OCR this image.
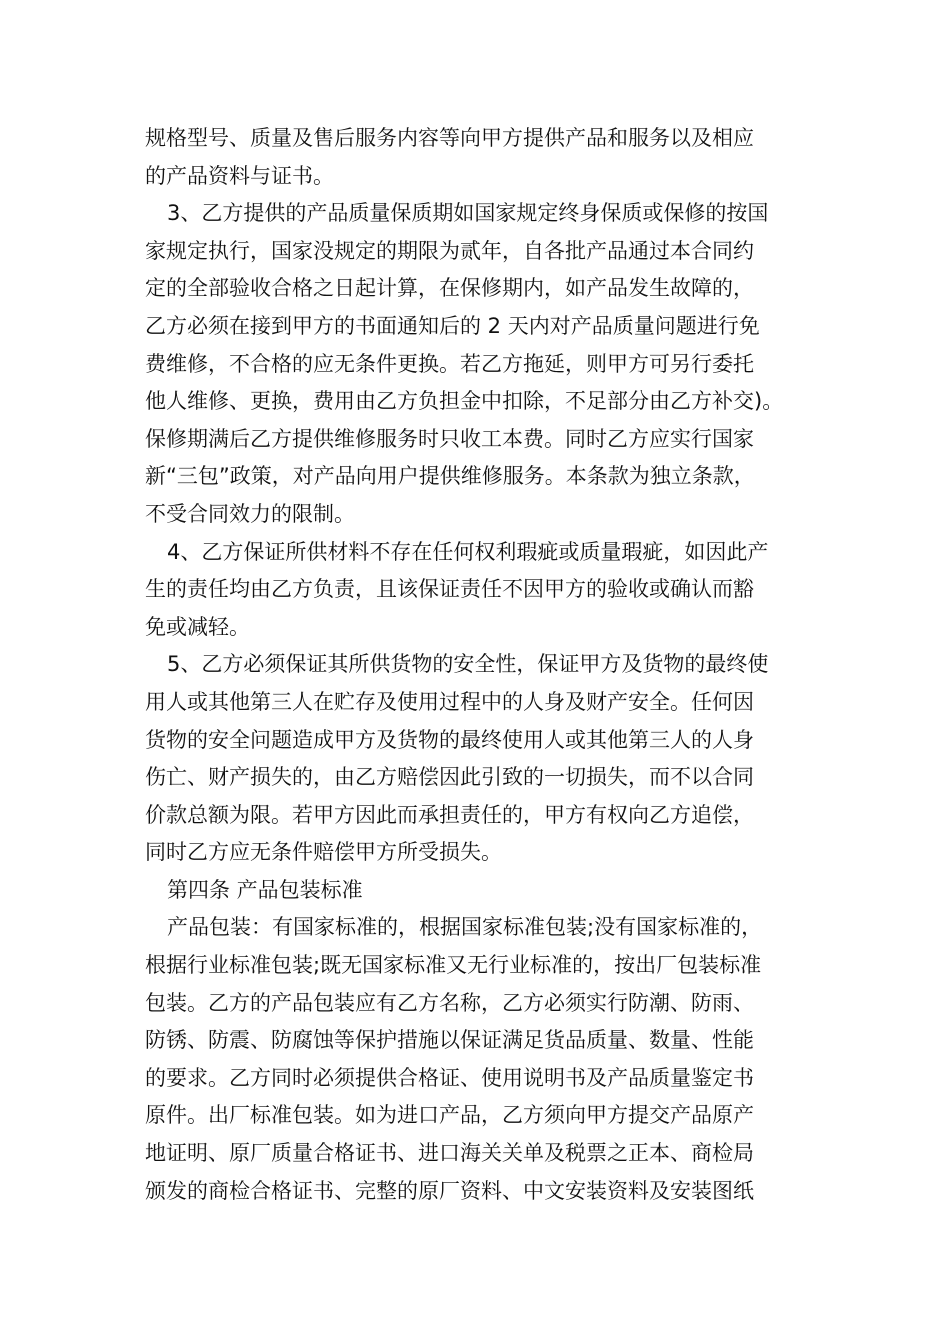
规格型号、质量及售后服务内容等向甲方提供产品和服务以及相应
的产品资料与证书。
3、乙方提供的产品质量保质期如国家规定终身保质或保修的按国
家规定执行，国家没规定的期限为贰年，自各批产品通过本合同约
定的全部验收合格之日起计算，在保修期内，如产品发生故障的，
乙方必须在接到甲方的书面通知后的 2 天内对产品质量问题进行免
费维修，不合格的应无条件更换。若乙方拖延，则甲方可另行委托
他人维修、更换，费用由乙方负担金中扣除，不足部分由乙方补交)。
保修期满后乙方提供维修服务时只收工本费。同时乙方应实行国家
新“三包”政策，对产品向用户提供维修服务。本条款为独立条款，
不受合同效力的限制。
4、乙方保证所供材料不存在任何权利瑕疵或质量瑕疵，如因此产
生的责任均由乙方负责，且该保证责任不因甲方的验收或确认而豁
免或减轻。
5、乙方必须保证其所供货物的安全性，保证甲方及货物的最终使
用人或其他第三人在贮存及使用过程中的人身及财产安全。任何因
货物的安全问题造成甲方及货物的最终使用人或其他第三人的人身
伤亡、财产损失的，由乙方赔偿因此引致的一切损失，而不以合同
价款总额为限。若甲方因此而承担责任的，甲方有权向乙方追偿，
同时乙方应无条件赔偿甲方所受损失。
第四条 产品包装标准
产品包装：有国家标准的，根据国家标准包装;没有国家标准的，
根据行业标准包装;既无国家标准又无行业标准的，按出厂包装标准
包装。乙方的产品包装应有乙方名称，乙方必须实行防潮、防雨、
防锈、防震、防腐蚀等保护措施以保证满足货品质量、数量、性能
的要求。乙方同时必须提供合格证、使用说明书及产品质量鉴定书
原件。出厂标准包装。如为进口产品，乙方须向甲方提交产品原产
地证明、原厂质量合格证书、进口海关关单及税票之正本、商检局
颁发的商检合格证书、完整的原厂资料、中文安装资料及安装图纸
